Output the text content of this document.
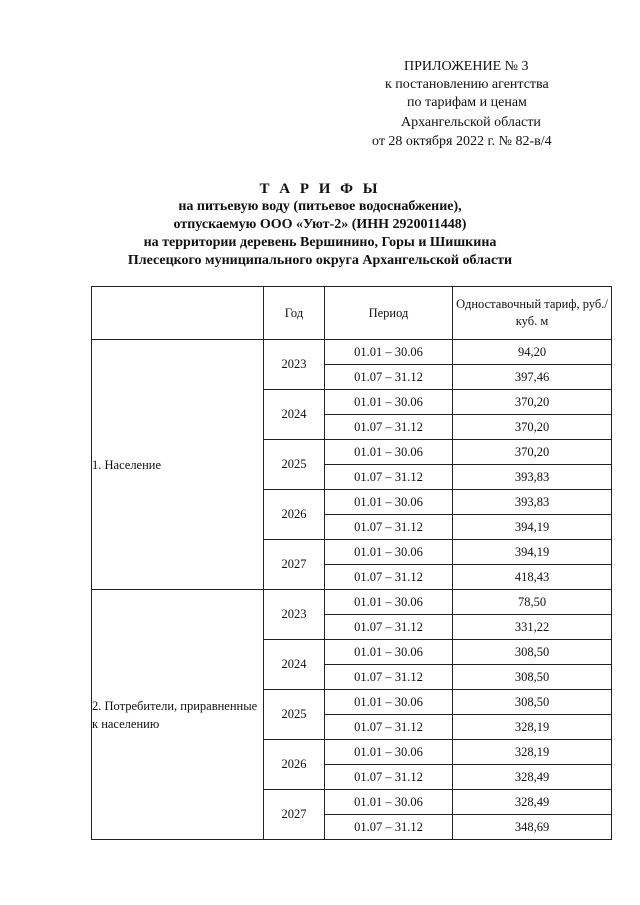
ПРИЛОЖЕНИЕ № 3
к постановлению агентства
по тарифам и ценам
Архангельской области
от 28 октября 2022 г. № 82-в/4
Т А Р И Ф Ы
на питьевую воду (питьевое водоснабжение),
отпускаемую ООО «Уют-2» (ИНН 2920011448)
на территории деревень Вершинино, Горы и Шишкина
Плесецкого муниципального округа Архангельской области
	Год	Период	Одноставочный тариф, руб./куб. м
1. Население	2023	01.01 – 30.06	94,20
		01.07 – 31.12	397,46
	2024	01.01 – 30.06	370,20
		01.07 – 31.12	370,20
	2025	01.01 – 30.06	370,20
		01.07 – 31.12	393,83
	2026	01.01 – 30.06	393,83
		01.07 – 31.12	394,19
	2027	01.01 – 30.06	394,19
		01.07 – 31.12	418,43
2. Потребители, приравненные к населению	2023	01.01 – 30.06	78,50
		01.07 – 31.12	331,22
	2024	01.01 – 30.06	308,50
		01.07 – 31.12	308,50
	2025	01.01 – 30.06	308,50
		01.07 – 31.12	328,19
	2026	01.01 – 30.06	328,19
		01.07 – 31.12	328,49
	2027	01.01 – 30.06	328,49
		01.07 – 31.12	348,69
